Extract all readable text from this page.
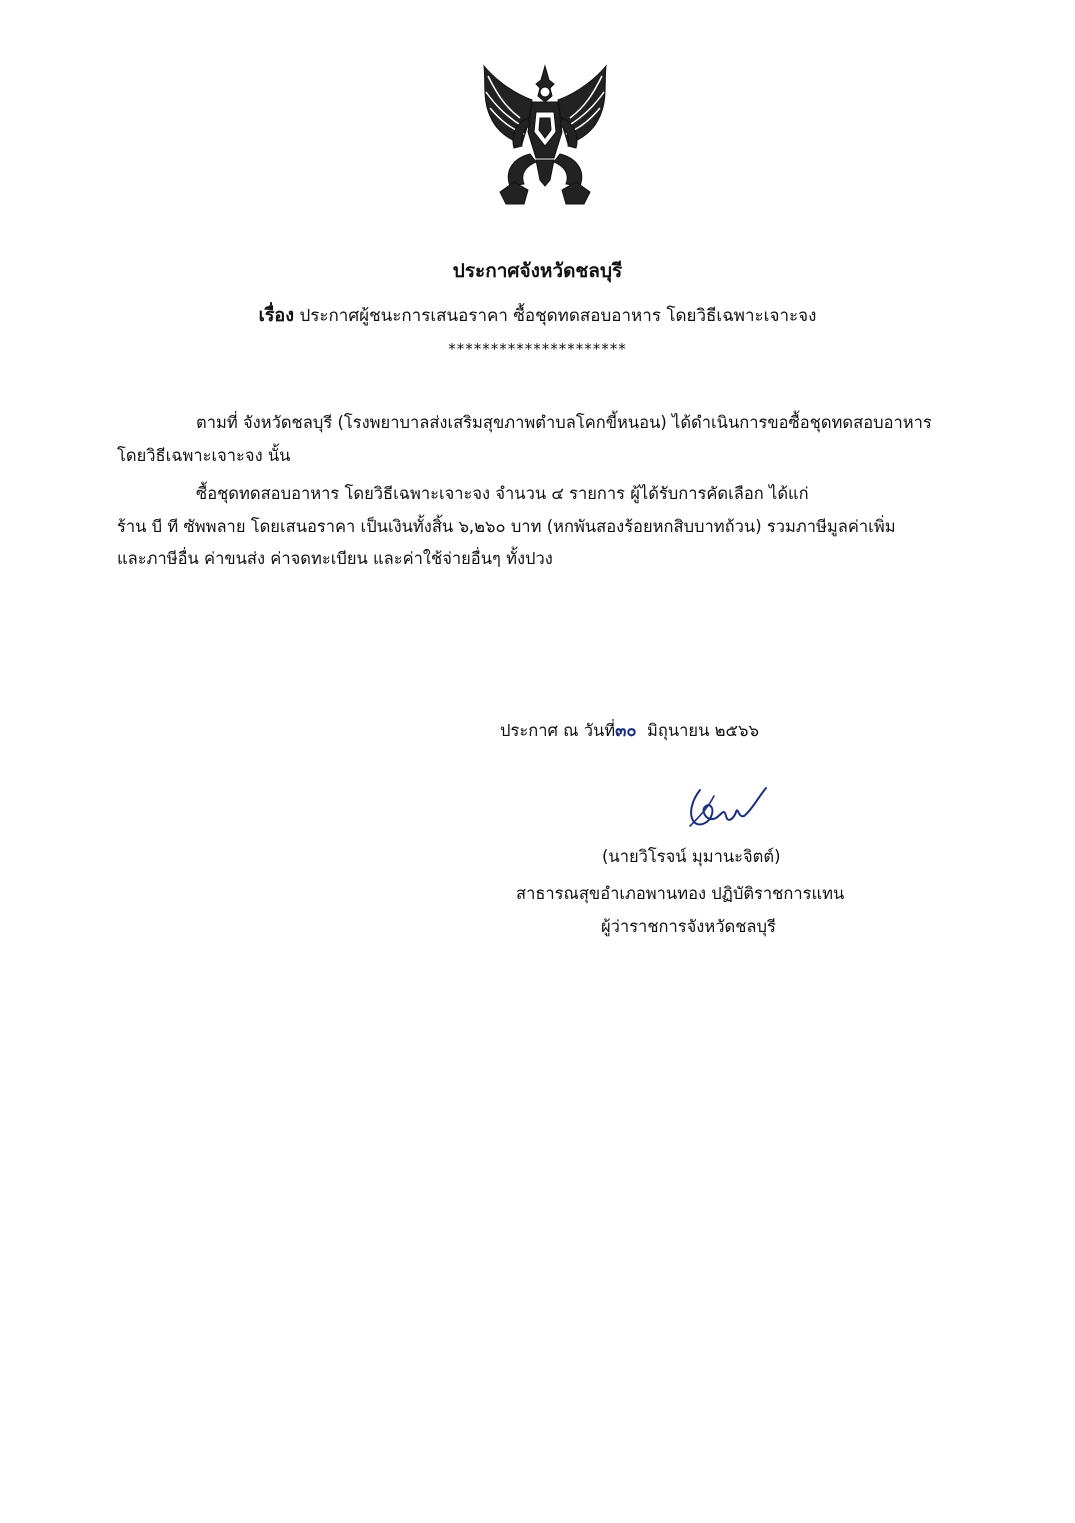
ประกาศจังหวัดชลบุรี
เรื่อง ประกาศผู้ชนะการเสนอราคา ซื้อชุดทดสอบอาหาร โดยวิธีเฉพาะเจาะจง
*********************
ตามที่ จังหวัดชลบุรี (โรงพยาบาลส่งเสริมสุขภาพตำบลโคกขี้หนอน) ได้ดำเนินการขอซื้อชุดทดสอบอาหาร
โดยวิธีเฉพาะเจาะจง นั้น
ซื้อชุดทดสอบอาหาร โดยวิธีเฉพาะเจาะจง จำนวน ๔ รายการ ผู้ได้รับการคัดเลือก ได้แก่
ร้าน บี ที ซัพพลาย โดยเสนอราคา เป็นเงินทั้งสิ้น ๖,๒๖๐ บาท (หกพันสองร้อยหกสิบบาทถ้วน) รวมภาษีมูลค่าเพิ่ม
และภาษีอื่น ค่าขนส่ง ค่าจดทะเบียน และค่าใช้จ่ายอื่นๆ ทั้งปวง
ประกาศ ณ วันที่๓๐ มิถุนายน ๒๕๖๖
(นายวิโรจน์ มุมานะจิตต์)
สาธารณสุขอำเภอพานทอง ปฏิบัติราชการแทน
ผู้ว่าราชการจังหวัดชลบุรี
